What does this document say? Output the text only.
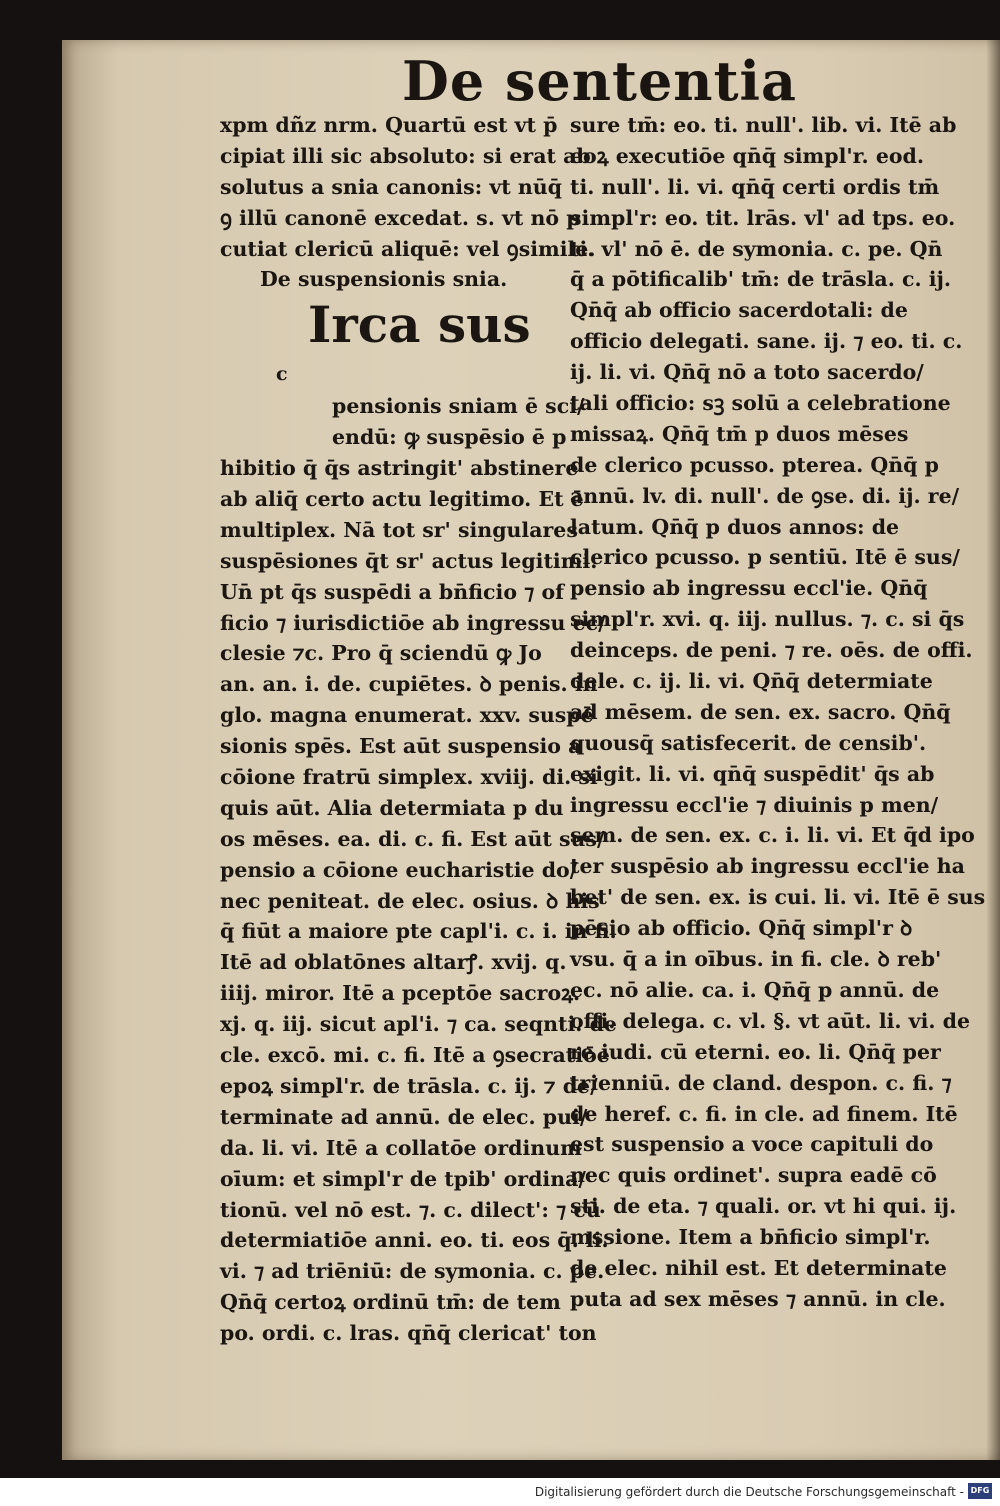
De sententia
xpm dñz nrm. Quartū est vt p̄
cipiat illi sic absoluto: si erat ab
solutus a snia canonis: vt nūq̄
ꝯ illū canonē excedat. s. vt nō p
cutiat clericū aliquē: vel ꝯsimile.
De suspensionis snia.
Irca sus
c
pensionis sniam ē sci/
endū: ꝙ suspēsio ē p
hibitio q̄ q̄s astringit' abstinere
ab aliq̄ certo actu legitimo. Et ē
multiplex. Nā tot sr' singulares
suspēsiones q̄t sr' actus legitimi.
Un̄ pt q̄s suspēdi a bn̄ficio ⁊ of
ficio ⁊ iurisdictiōe ab ingressu ec/
clesie ⁊c. Pro q̄ sciendū ꝙ Jo
an. an. i. de. cupiētes. ꝺ penis. in
glo. magna enumerat. xxv. suspē
sionis spēs. Est aūt suspensio a
cōione fratrū simplex. xviij. di. si
quis aūt. Alia determiata p du
os mēses. ea. di. c. fi. Est aūt sus/
pensio a cōione eucharistie do/
nec peniteat. de elec. osius. ꝺ his
q̄ fiūt a maiore pte capl'i. c. i. in fi.
Itē ad oblatōnes altarꝭ. xvij. q.
iiij. miror. Itē a pceptōe sacroꝝ.
xj. q. iij. sicut apl'i. ⁊ ca. seqnti. de
cle. excō. mi. c. fi. Itē a ꝯsecratiōe
epoꝝ simpl'r. de trāsla. c. ij. ⁊ de/
terminate ad annū. de elec. pui/
da. li. vi. Itē a collatōe ordinum
oīum: et simpl'r de tpib' ordina/
tionū. vel nō est. ⁊. c. dilect': ⁊ cū
determiatiōe anni. eo. ti. eos q̄. li.
vi. ⁊ ad triēniū: de symonia. c. pe.
Qn̄q̄ certoꝝ ordinū tm̄: de tem
po. ordi. c. lras. qn̄q̄ clericat' ton
sure tm̄: eo. ti. null'. lib. vi. Itē ab
eoꝝ executiōe qn̄q̄ simpl'r. eod.
ti. null'. li. vi. qn̄q̄ certi ordis tm̄
simpl'r: eo. tit. lrās. vl' ad tps. eo.
ti. vl' nō ē. de symonia. c. pe. Qn̄
q̄ a pōtificalib' tm̄: de trāsla. c. ij.
Qn̄q̄ ab officio sacerdotali: de
officio delegati. sane. ij. ⁊ eo. ti. c.
ij. li. vi. Qn̄q̄ nō a toto sacerdo/
tali officio: sꝫ solū a celebratione
missaꝝ. Qn̄q̄ tm̄ p duos mēses
de clerico pcusso. ptereа. Qn̄q̄ p
annū. lv. di. null'. de ꝯse. di. ij. re/
latum. Qn̄q̄ p duos annos: de
clerico pcusso. p sentiū. Itē ē sus/
pensio ab ingressu eccl'ie. Qn̄q̄
simpl'r. xvi. q. iij. nullus. ⁊. c. si q̄s
deinceps. de peni. ⁊ re. oēs. de offi.
dele. c. ij. li. vi. Qn̄q̄ determiate
ad mēsem. de sen. ex. sacro. Qn̄q̄
quousq̄ satisfecerit. de censib'.
exigit. li. vi. qn̄q̄ suspēdit' q̄s ab
ingressu eccl'ie ⁊ diuinis p men/
sem. de sen. ex. c. i. li. vi. Et q̄d ipo
ter suspēsio ab ingressu eccl'ie ha
bet' de sen. ex. is cui. li. vi. Itē ē sus
pēsio ab officio. Qn̄q̄ simpl'r ꝺ
vsu. q̄ a in oībus. in fi. cle. ꝺ reb'
ec. nō alie. ca. i. Qn̄q̄ p annū. de
offi. delega. c. vl. §. vt aūt. li. vi. de
re iudi. cū eterni. eo. li. Qn̄q̄ per
trienniū. de cland. despon. c. fi. ⁊
de heref. c. fi. in cle. ad finem. Itē
est suspensio a voce capituli do
nec quis ordinet'. supra eadē cō
sti. de eta. ⁊ quali. or. vt hi qui. ij.
mssione. Item a bn̄ficio simpl'r.
de elec. nihil est. Et determinate
puta ad sex mēses ⁊ annū. in cle.
Digitalisierung gefördert durch die Deutsche Forschungsgemeinschaft - DFG
